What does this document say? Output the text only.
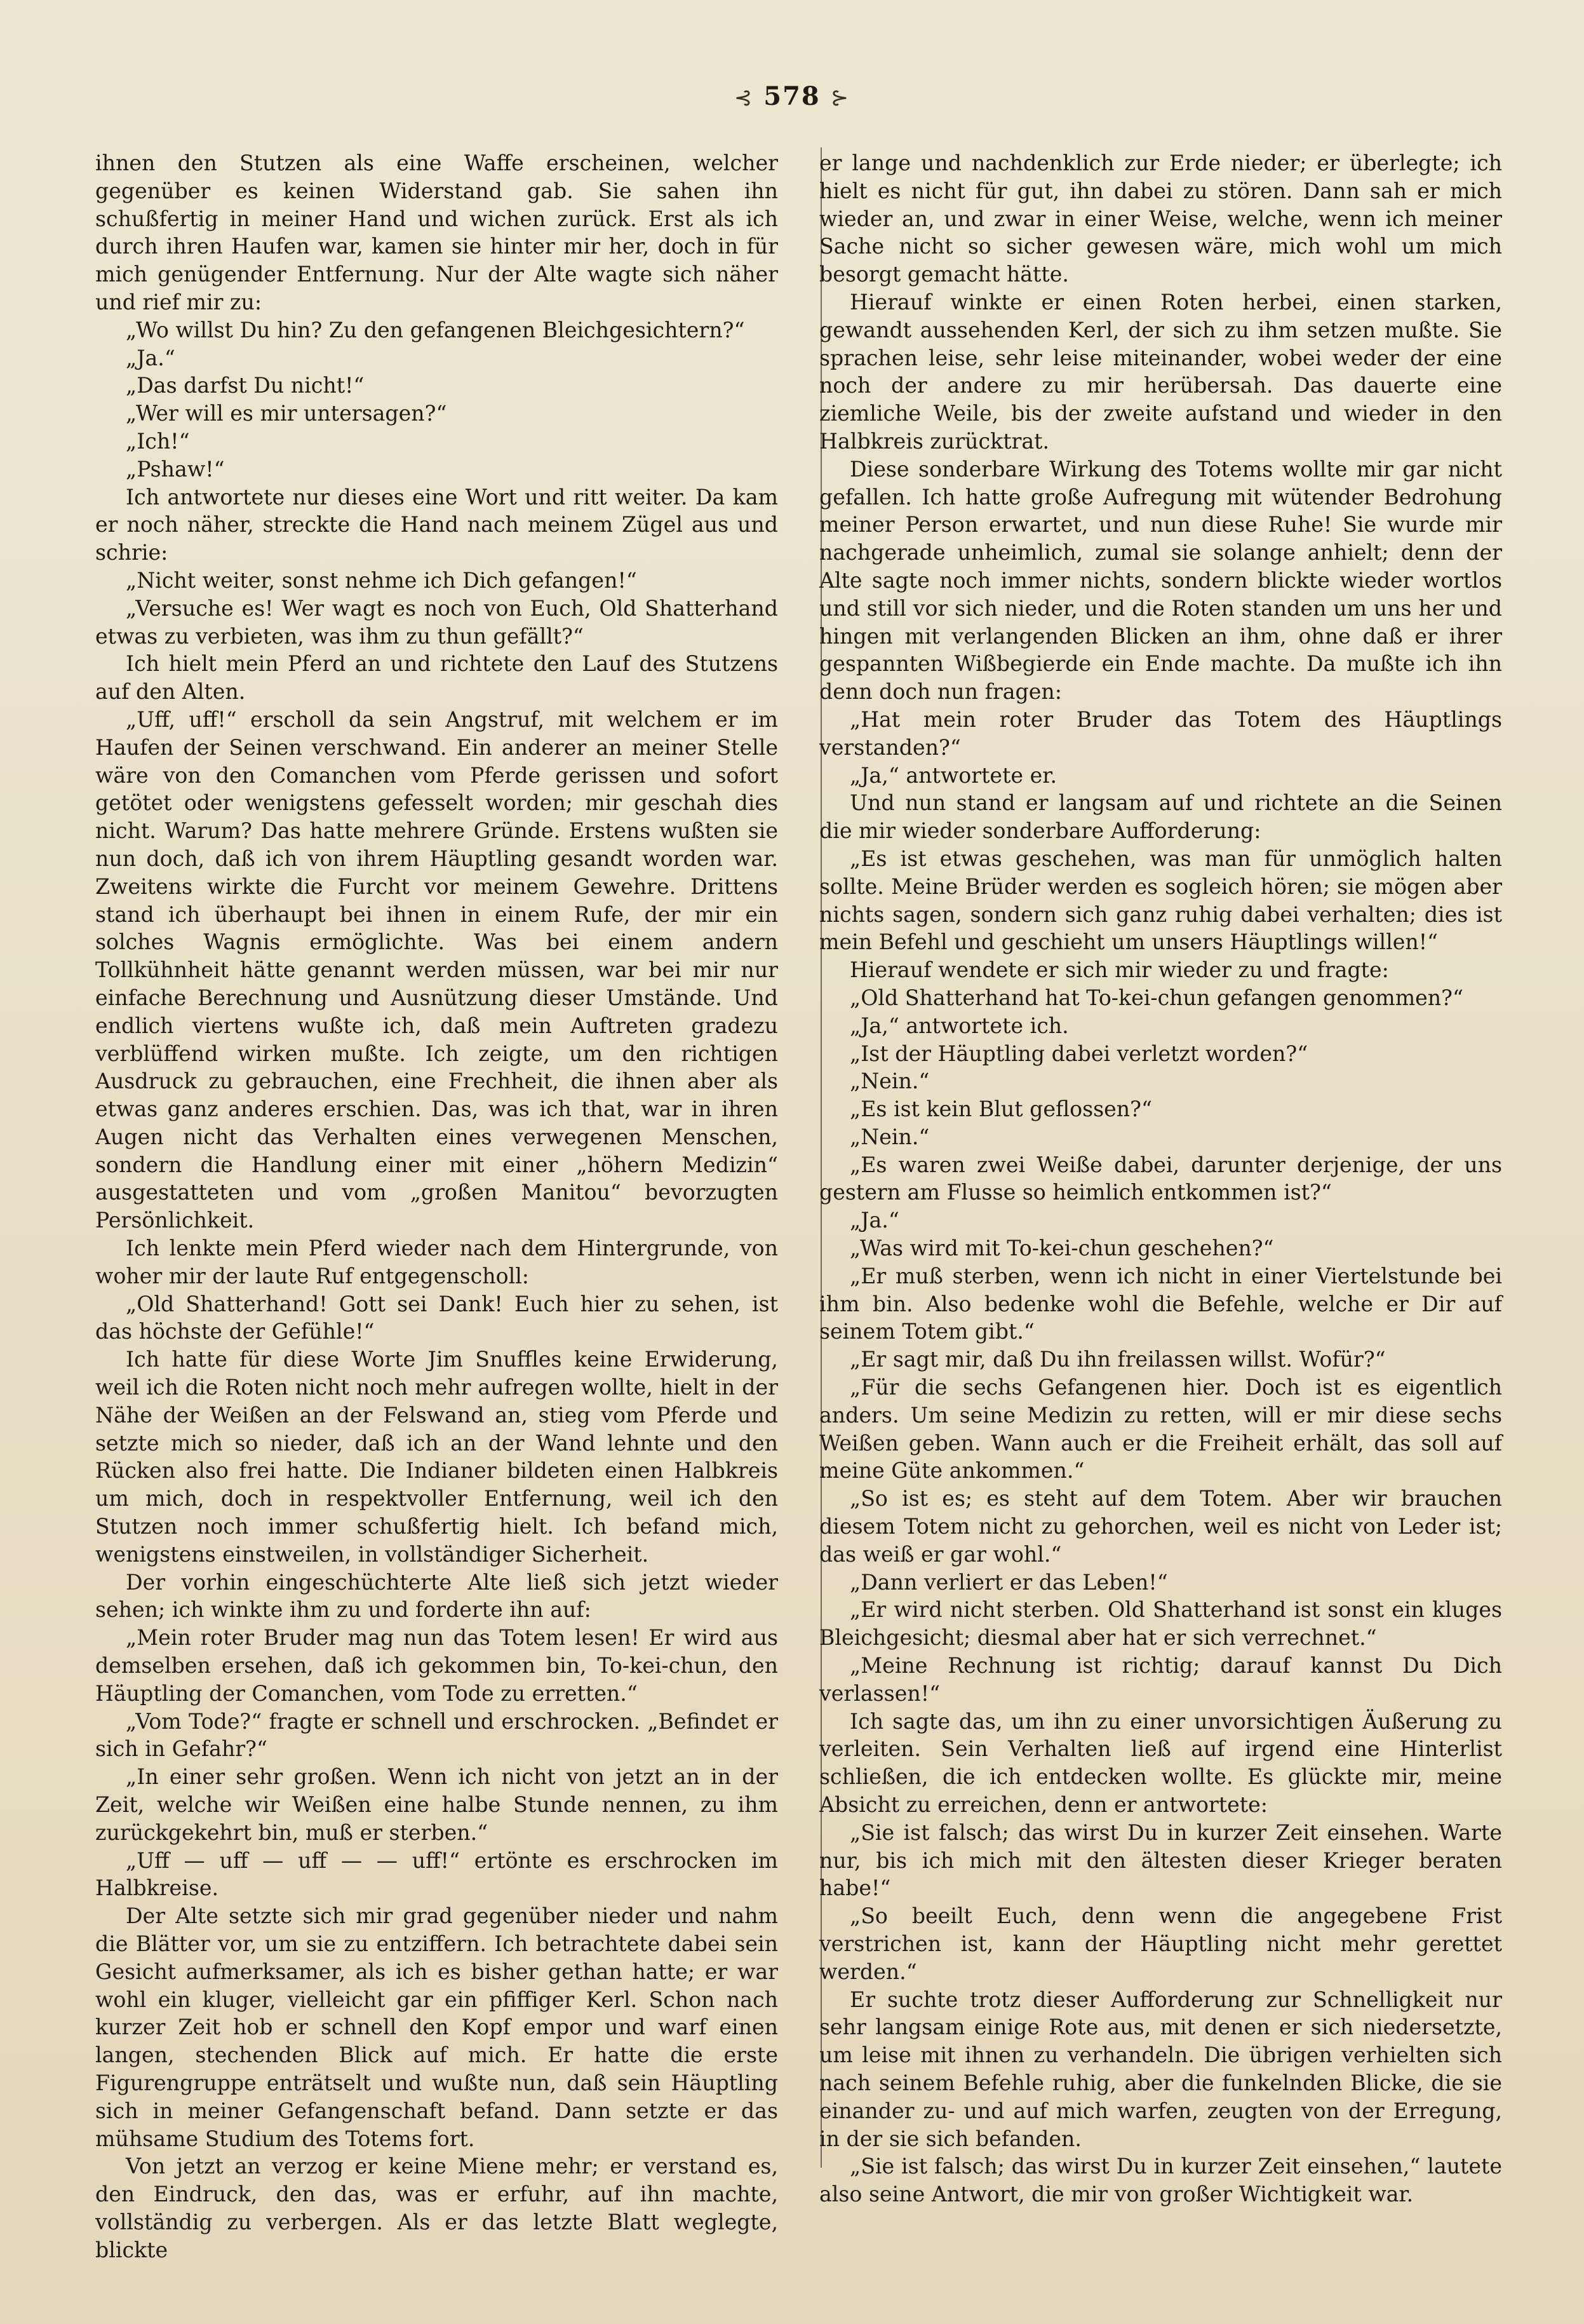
⊰ 578 ⊱

ihnen den Stutzen als eine Waffe erscheinen, welcher gegenüber es keinen Widerstand gab. Sie sahen ihn schußfertig in meiner Hand und wichen zurück. Erst als ich durch ihren Haufen war, kamen sie hinter mir her, doch in für mich genügender Entfernung. Nur der Alte wagte sich näher und rief mir zu:

„Wo willst Du hin? Zu den gefangenen Bleichgesichtern?“

„Ja.“

„Das darfst Du nicht!“

„Wer will es mir untersagen?“

„Ich!“

„Pshaw!“

Ich antwortete nur dieses eine Wort und ritt weiter. Da kam er noch näher, streckte die Hand nach meinem Zügel aus und schrie:

„Nicht weiter, sonst nehme ich Dich gefangen!“

„Versuche es! Wer wagt es noch von Euch, Old Shatterhand etwas zu verbieten, was ihm zu thun gefällt?“

Ich hielt mein Pferd an und richtete den Lauf des Stutzens auf den Alten.

„Uff, uff!“ erscholl da sein Angstruf, mit welchem er im Haufen der Seinen verschwand. Ein anderer an meiner Stelle wäre von den Comanchen vom Pferde gerissen und sofort getötet oder wenigstens gefesselt worden; mir geschah dies nicht. Warum? Das hatte mehrere Gründe. Erstens wußten sie nun doch, daß ich von ihrem Häuptling gesandt worden war. Zweitens wirkte die Furcht vor meinem Gewehre. Drittens stand ich überhaupt bei ihnen in einem Rufe, der mir ein solches Wagnis ermöglichte. Was bei einem andern Tollkühnheit hätte genannt werden müssen, war bei mir nur einfache Berechnung und Ausnützung dieser Umstände. Und endlich viertens wußte ich, daß mein Auftreten gradezu verblüffend wirken mußte. Ich zeigte, um den richtigen Ausdruck zu gebrauchen, eine Frechheit, die ihnen aber als etwas ganz anderes erschien. Das, was ich that, war in ihren Augen nicht das Verhalten eines verwegenen Menschen, sondern die Handlung einer mit einer „höhern Medizin“ ausgestatteten und vom „großen Manitou“ bevorzugten Persönlichkeit.

Ich lenkte mein Pferd wieder nach dem Hintergrunde, von woher mir der laute Ruf entgegenscholl:

„Old Shatterhand! Gott sei Dank! Euch hier zu sehen, ist das höchste der Gefühle!“

Ich hatte für diese Worte Jim Snuffles keine Erwiderung, weil ich die Roten nicht noch mehr aufregen wollte, hielt in der Nähe der Weißen an der Felswand an, stieg vom Pferde und setzte mich so nieder, daß ich an der Wand lehnte und den Rücken also frei hatte. Die Indianer bildeten einen Halbkreis um mich, doch in respektvoller Entfernung, weil ich den Stutzen noch immer schußfertig hielt. Ich befand mich, wenigstens einstweilen, in vollständiger Sicherheit.

Der vorhin eingeschüchterte Alte ließ sich jetzt wieder sehen; ich winkte ihm zu und forderte ihn auf:

„Mein roter Bruder mag nun das Totem lesen! Er wird aus demselben ersehen, daß ich gekommen bin, To-kei-chun, den Häuptling der Comanchen, vom Tode zu erretten.“

„Vom Tode?“ fragte er schnell und erschrocken. „Befindet er sich in Gefahr?“

„In einer sehr großen. Wenn ich nicht von jetzt an in der Zeit, welche wir Weißen eine halbe Stunde nennen, zu ihm zurückgekehrt bin, muß er sterben.“

„Uff — uff — uff — — uff!“ ertönte es erschrocken im Halbkreise.

Der Alte setzte sich mir grad gegenüber nieder und nahm die Blätter vor, um sie zu entziffern. Ich betrachtete dabei sein Gesicht aufmerksamer, als ich es bisher gethan hatte; er war wohl ein kluger, vielleicht gar ein pfiffiger Kerl. Schon nach kurzer Zeit hob er schnell den Kopf empor und warf einen langen, stechenden Blick auf mich. Er hatte die erste Figurengruppe enträtselt und wußte nun, daß sein Häuptling sich in meiner Gefangenschaft befand. Dann setzte er das mühsame Studium des Totems fort.

Von jetzt an verzog er keine Miene mehr; er verstand es, den Eindruck, den das, was er erfuhr, auf ihn machte, vollständig zu verbergen. Als er das letzte Blatt weglegte, blickte

er lange und nachdenklich zur Erde nieder; er überlegte; ich hielt es nicht für gut, ihn dabei zu stören. Dann sah er mich wieder an, und zwar in einer Weise, welche, wenn ich meiner Sache nicht so sicher gewesen wäre, mich wohl um mich besorgt gemacht hätte.

Hierauf winkte er einen Roten herbei, einen starken, gewandt aussehenden Kerl, der sich zu ihm setzen mußte. Sie sprachen leise, sehr leise miteinander, wobei weder der eine noch der andere zu mir herübersah. Das dauerte eine ziemliche Weile, bis der zweite aufstand und wieder in den Halbkreis zurücktrat.

Diese sonderbare Wirkung des Totems wollte mir gar nicht gefallen. Ich hatte große Aufregung mit wütender Bedrohung meiner Person erwartet, und nun diese Ruhe! Sie wurde mir nachgerade unheimlich, zumal sie solange anhielt; denn der Alte sagte noch immer nichts, sondern blickte wieder wortlos und still vor sich nieder, und die Roten standen um uns her und hingen mit verlangenden Blicken an ihm, ohne daß er ihrer gespannten Wißbegierde ein Ende machte. Da mußte ich ihn denn doch nun fragen:

„Hat mein roter Bruder das Totem des Häuptlings verstanden?“

„Ja,“ antwortete er.

Und nun stand er langsam auf und richtete an die Seinen die mir wieder sonderbare Aufforderung:

„Es ist etwas geschehen, was man für unmöglich halten sollte. Meine Brüder werden es sogleich hören; sie mögen aber nichts sagen, sondern sich ganz ruhig dabei verhalten; dies ist mein Befehl und geschieht um unsers Häuptlings willen!“

Hierauf wendete er sich mir wieder zu und fragte:

„Old Shatterhand hat To-kei-chun gefangen genommen?“

„Ja,“ antwortete ich.

„Ist der Häuptling dabei verletzt worden?“

„Nein.“

„Es ist kein Blut geflossen?“

„Nein.“

„Es waren zwei Weiße dabei, darunter derjenige, der uns gestern am Flusse so heimlich entkommen ist?“

„Ja.“

„Was wird mit To-kei-chun geschehen?“

„Er muß sterben, wenn ich nicht in einer Viertelstunde bei ihm bin. Also bedenke wohl die Befehle, welche er Dir auf seinem Totem gibt.“

„Er sagt mir, daß Du ihn freilassen willst. Wofür?“

„Für die sechs Gefangenen hier. Doch ist es eigentlich anders. Um seine Medizin zu retten, will er mir diese sechs Weißen geben. Wann auch er die Freiheit erhält, das soll auf meine Güte ankommen.“

„So ist es; es steht auf dem Totem. Aber wir brauchen diesem Totem nicht zu gehorchen, weil es nicht von Leder ist; das weiß er gar wohl.“

„Dann verliert er das Leben!“

„Er wird nicht sterben. Old Shatterhand ist sonst ein kluges Bleichgesicht; diesmal aber hat er sich verrechnet.“

„Meine Rechnung ist richtig; darauf kannst Du Dich verlassen!“

Ich sagte das, um ihn zu einer unvorsichtigen Äußerung zu verleiten. Sein Verhalten ließ auf irgend eine Hinterlist schließen, die ich entdecken wollte. Es glückte mir, meine Absicht zu erreichen, denn er antwortete:

„Sie ist falsch; das wirst Du in kurzer Zeit einsehen. Warte nur, bis ich mich mit den ältesten dieser Krieger beraten habe!“

„So beeilt Euch, denn wenn die angegebene Frist verstrichen ist, kann der Häuptling nicht mehr gerettet werden.“

Er suchte trotz dieser Aufforderung zur Schnelligkeit nur sehr langsam einige Rote aus, mit denen er sich niedersetzte, um leise mit ihnen zu verhandeln. Die übrigen verhielten sich nach seinem Befehle ruhig, aber die funkelnden Blicke, die sie einander zu- und auf mich warfen, zeugten von der Erregung, in der sie sich befanden.

„Sie ist falsch; das wirst Du in kurzer Zeit einsehen,“ lautete also seine Antwort, die mir von großer Wichtigkeit war.
